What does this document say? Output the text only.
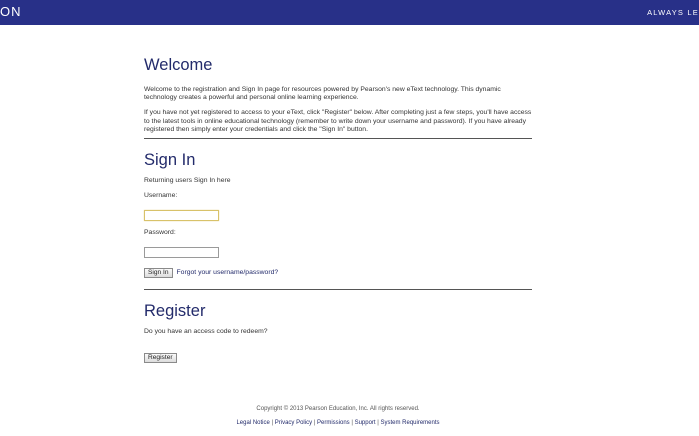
ON	ALWAYS LE
Welcome

Welcome to the registration and Sign In page for resources powered by Pearson's new eText technology. This dynamic technology creates a powerful and personal online learning experience.

If you have not yet registered to access to your eText, click "Register" below. After completing just a few steps, you'll have access to the latest tools in online educational technology (remember to write down your username and password). If you have already registered then simply enter your credentials and click the "Sign In" button.

Sign In
Returning users Sign In here
Username:
Password:
Sign In	Forgot your username/password?
Register
Do you have an access code to redeem?
Register
Copyright © 2013 Pearson Education, Inc. All rights reserved.
Legal Notice | Privacy Policy | Permissions | Support | System Requirements
